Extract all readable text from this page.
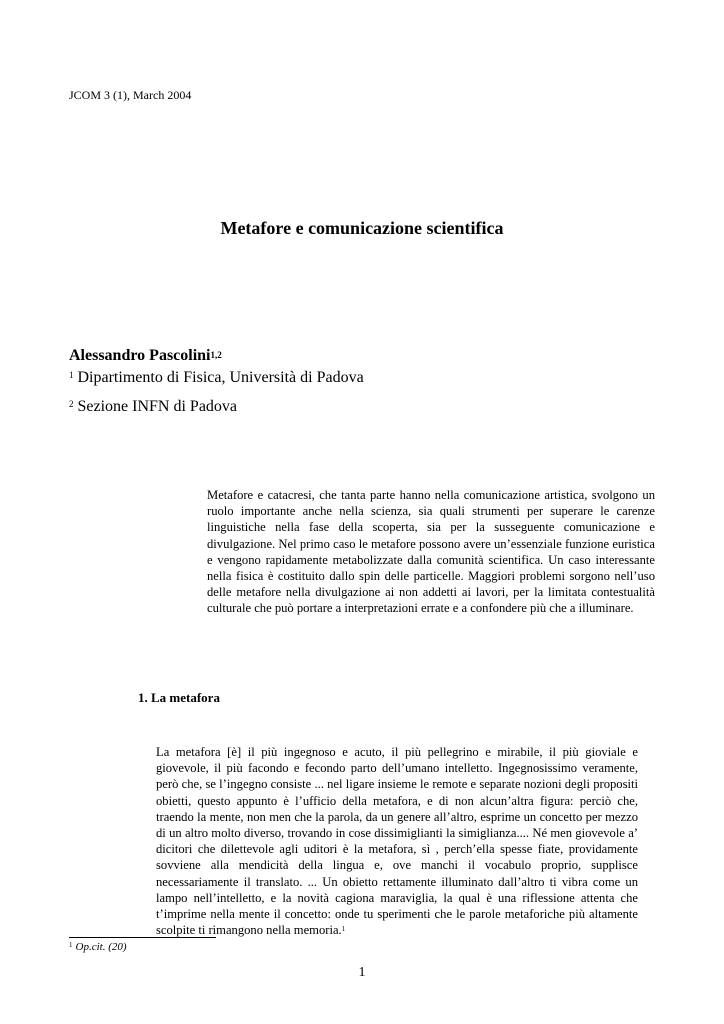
JCOM 3 (1), March 2004

Metafore e comunicazione scientifica

Alessandro Pascolini$^{1,2}$

$^1$ Dipartimento di Fisica, Università di Padova

$^2$ Sezione INFN di Padova

Metafore e catacresi, che tanta parte hanno nella comunicazione artistica, svolgono un ruolo importante anche nella scienza, sia quali strumenti per superare le carenze linguistiche nella fase della scoperta, sia per la susseguente comunicazione e divulgazione. Nel primo caso le metafore possono avere un’essenziale funzione euristica e vengono rapidamente metabolizzate dalla comunità scientifica. Un caso interessante nella fisica è costituito dallo spin delle particelle. Maggiori problemi sorgono nell’uso delle metafore nella divulgazione ai non addetti ai lavori, per la limitata contestualità culturale che può portare a interpretazioni errate e a confondere più che a illuminare.

1. La metafora

La metafora [è] il più ingegnoso e acuto, il più pellegrino e mirabile, il più gioviale e giovevole, il più facondo e fecondo parto dell’umano intelletto. Ingegnosissimo veramente, però che, se l’ingegno consiste ... nel ligare insieme le remote e separate nozioni degli propositi obietti, questo appunto è l’ufficio della metafora, e di non alcun’altra figura: perciò che, traendo la mente, non men che la parola, da un genere all’altro, esprime un concetto per mezzo di un altro molto diverso, trovando in cose dissimiglianti la simiglianza.... Né men giovevole a’ dicitori che dilettevole agli uditori è la metafora, sì , perch’ella spesse fiate, providamente sovviene alla mendicità della lingua e, ove manchi il vocabulo proprio, supplisce necessariamente il translato. ... Un obietto rettamente illuminato dall’altro ti vibra come un lampo nell’intelletto, e la novità cagiona maraviglia, la qual è una riflessione attenta che t’imprime nella mente il concetto: onde tu sperimenti che le parole metaforiche più altamente scolpite ti rimangono nella memoria.$^1$

$^1$ Op.cit. (20)

1
